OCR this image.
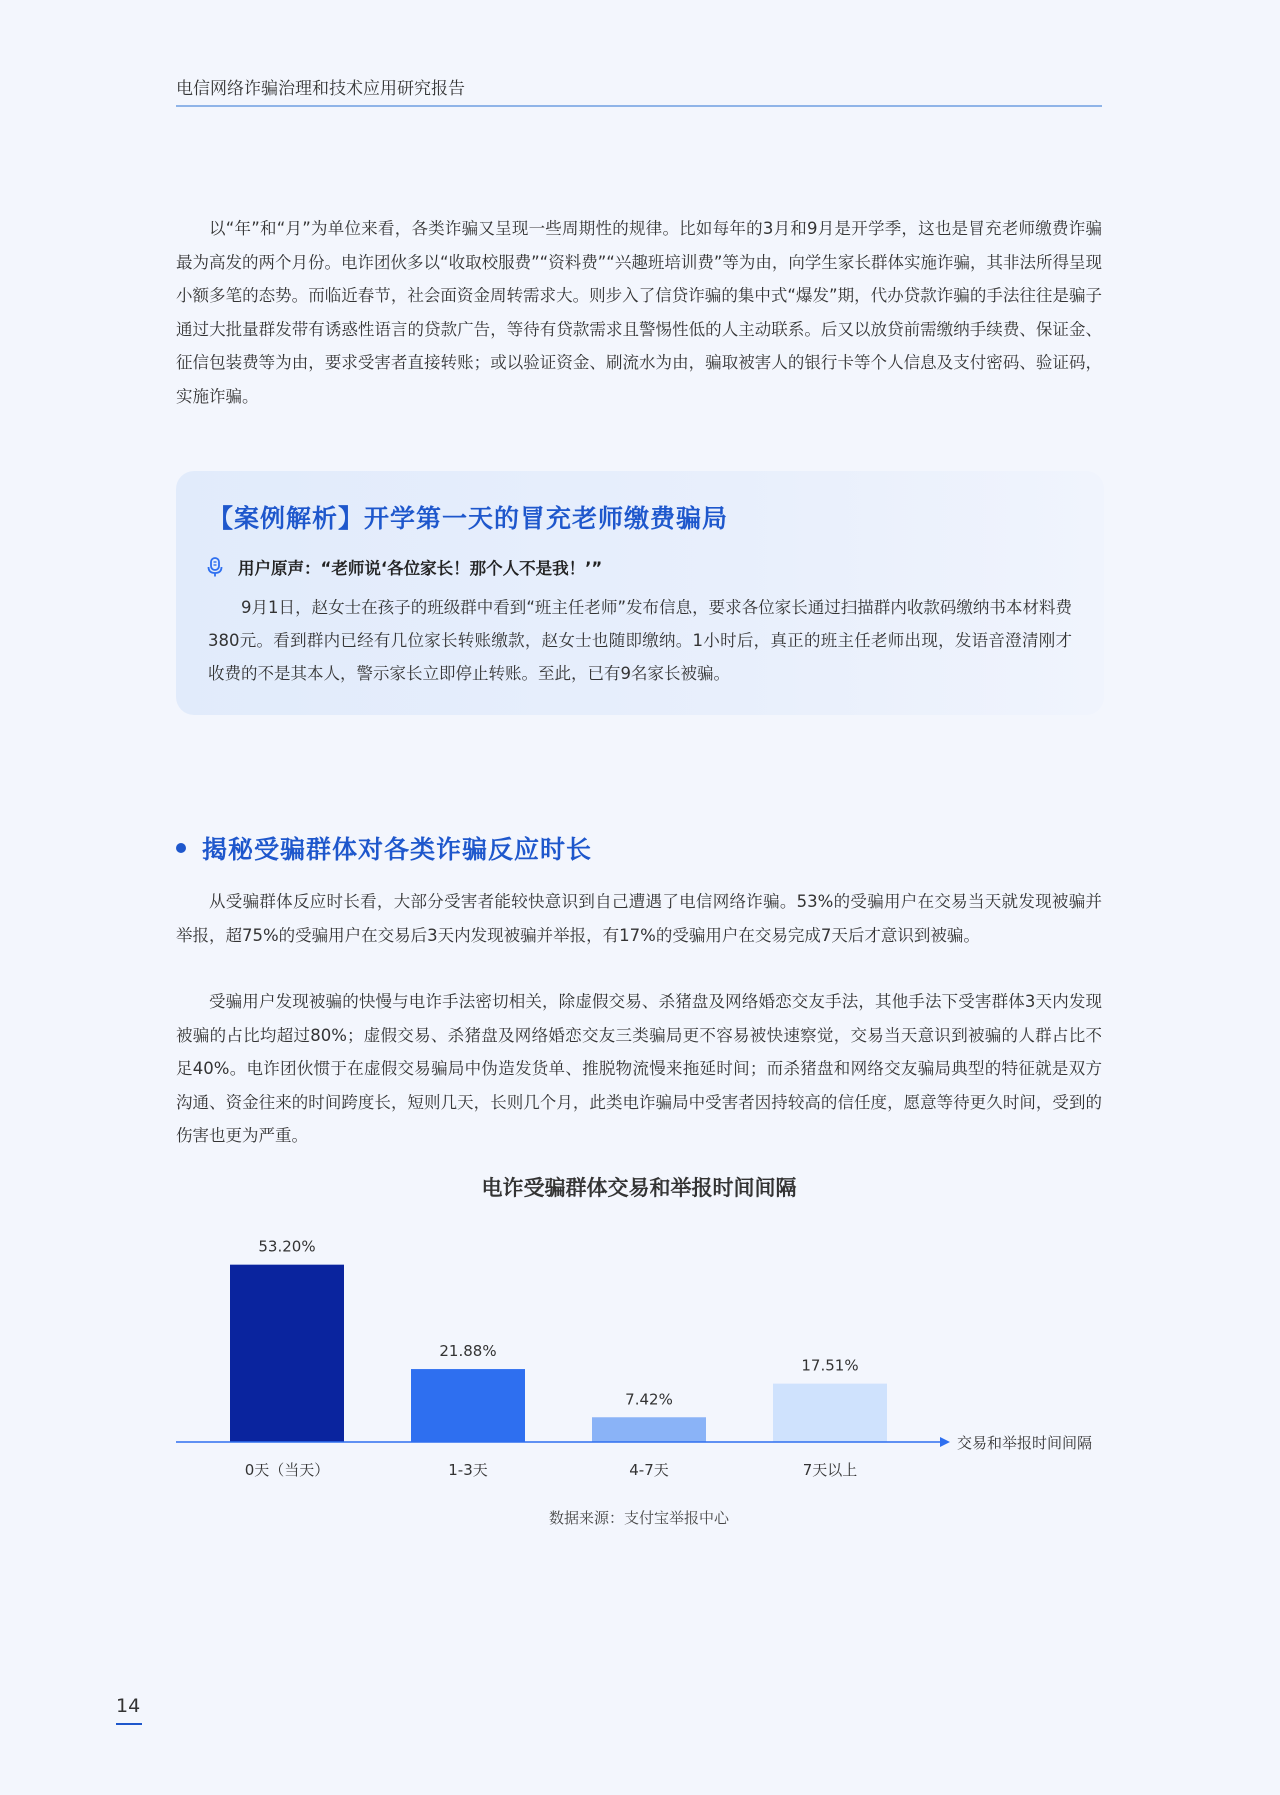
电信网络诈骗治理和技术应用研究报告

以“年”和“月”为单位来看，各类诈骗又呈现一些周期性的规律。比如每年的3月和9月是开学季，这也是冒充老师缴费诈骗最为高发的两个月份。电诈团伙多以“收取校服费”“资料费”“兴趣班培训费”等为由，向学生家长群体实施诈骗，其非法所得呈现小额多笔的态势。而临近春节，社会面资金周转需求大。则步入了信贷诈骗的集中式“爆发”期，代办贷款诈骗的手法往往是骗子通过大批量群发带有诱惑性语言的贷款广告，等待有贷款需求且警惕性低的人主动联系。后又以放贷前需缴纳手续费、保证金、征信包装费等为由，要求受害者直接转账；或以验证资金、刷流水为由，骗取被害人的银行卡等个人信息及支付密码、验证码，实施诈骗。

【案例解析】开学第一天的冒充老师缴费骗局
用户原声：“老师说‘各位家长！那个人不是我！’”

9月1日，赵女士在孩子的班级群中看到“班主任老师”发布信息，要求各位家长通过扫描群内收款码缴纳书本材料费380元。看到群内已经有几位家长转账缴款，赵女士也随即缴纳。1小时后，真正的班主任老师出现，发语音澄清刚才收费的不是其本人，警示家长立即停止转账。至此，已有9名家长被骗。

揭秘受骗群体对各类诈骗反应时长

从受骗群体反应时长看，大部分受害者能较快意识到自己遭遇了电信网络诈骗。53%的受骗用户在交易当天就发现被骗并举报，超75%的受骗用户在交易后3天内发现被骗并举报，有17%的受骗用户在交易完成7天后才意识到被骗。

受骗用户发现被骗的快慢与电诈手法密切相关，除虚假交易、杀猪盘及网络婚恋交友手法，其他手法下受害群体3天内发现被骗的占比均超过80%；虚假交易、杀猪盘及网络婚恋交友三类骗局更不容易被快速察觉，交易当天意识到被骗的人群占比不足40%。电诈团伙惯于在虚假交易骗局中伪造发货单、推脱物流慢来拖延时间；而杀猪盘和网络交友骗局典型的特征就是双方沟通、资金往来的时间跨度长，短则几天，长则几个月，此类电诈骗局中受害者因持较高的信任度，愿意等待更久时间，受到的伤害也更为严重。

电诈受骗群体交易和举报时间间隔
53.20%
21.88%
7.42%
17.51%
0天（当天）	1-3天	4-7天	7天以上
交易和举报时间间隔
数据来源：支付宝举报中心
14
